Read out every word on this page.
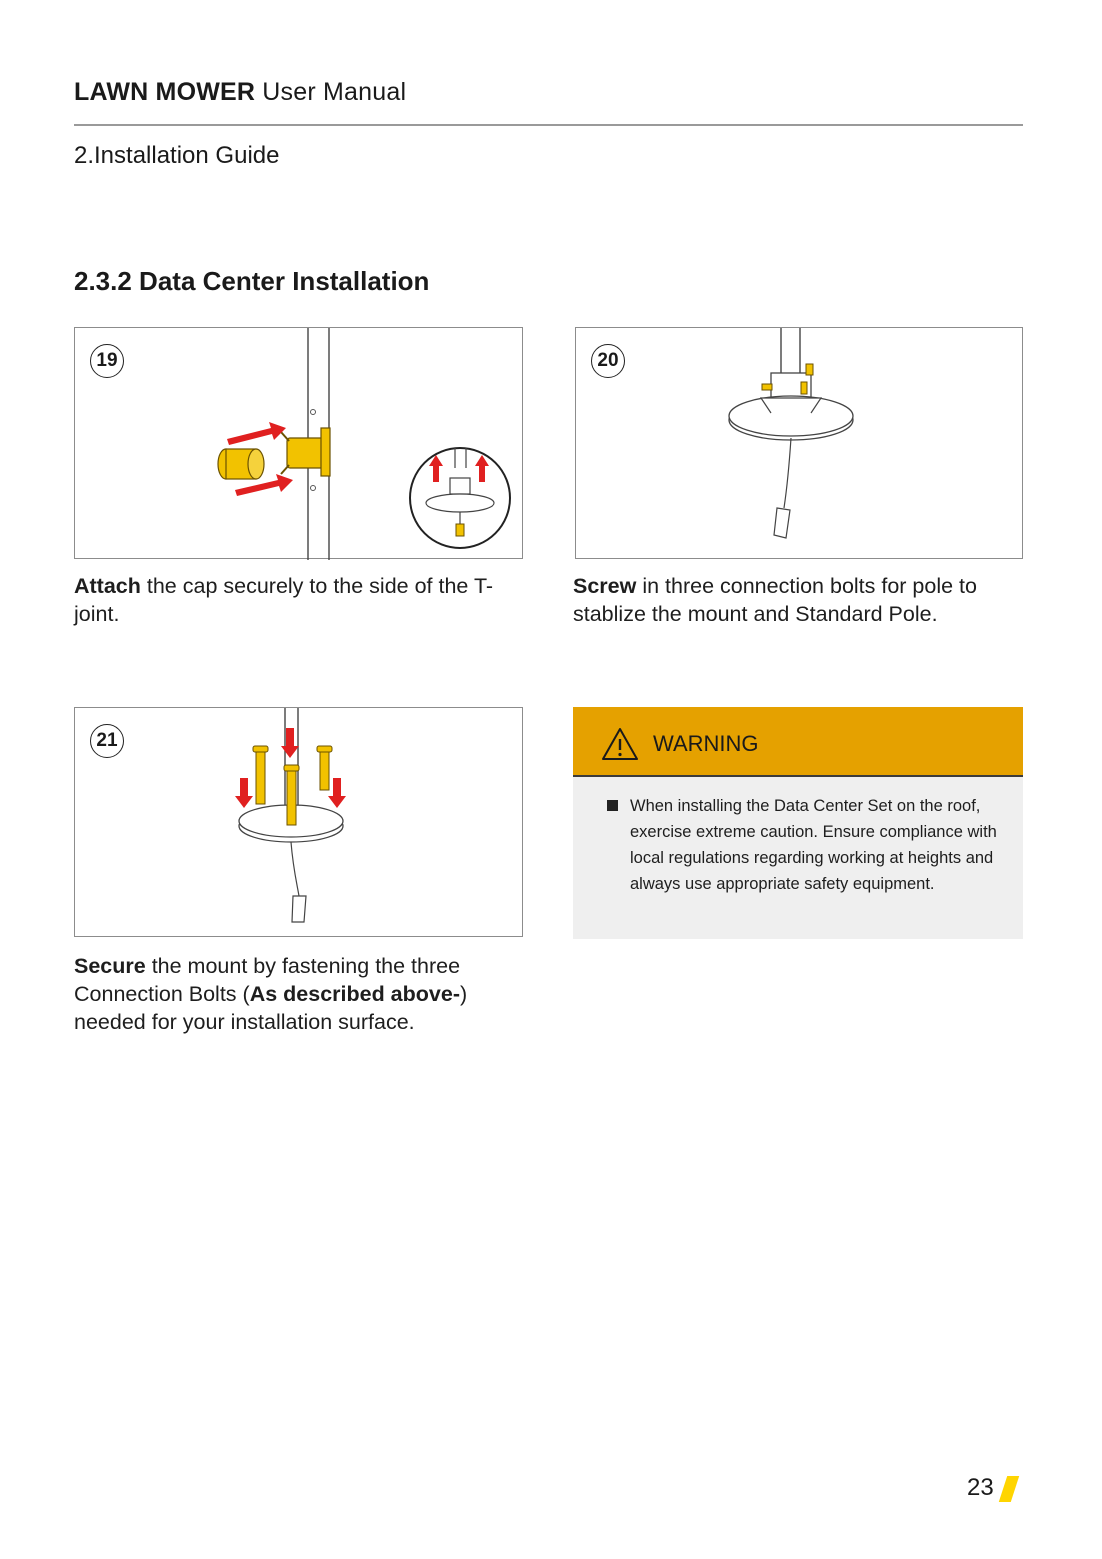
LAWN MOWER User Manual
2.Installation Guide
2.3.2 Data Center Installation
19
Attach the cap securely to the side of the T-joint.
20
Screw in three connection bolts for pole to stablize the mount and Standard Pole.
21
Secure the mount by fastening the three Connection Bolts (As described above-) needed for your installation surface.
WARNING
When installing the Data Center Set on the roof, exercise extreme caution. Ensure compliance with local regulations regarding working at heights and always use appropriate safety equipment.
23
